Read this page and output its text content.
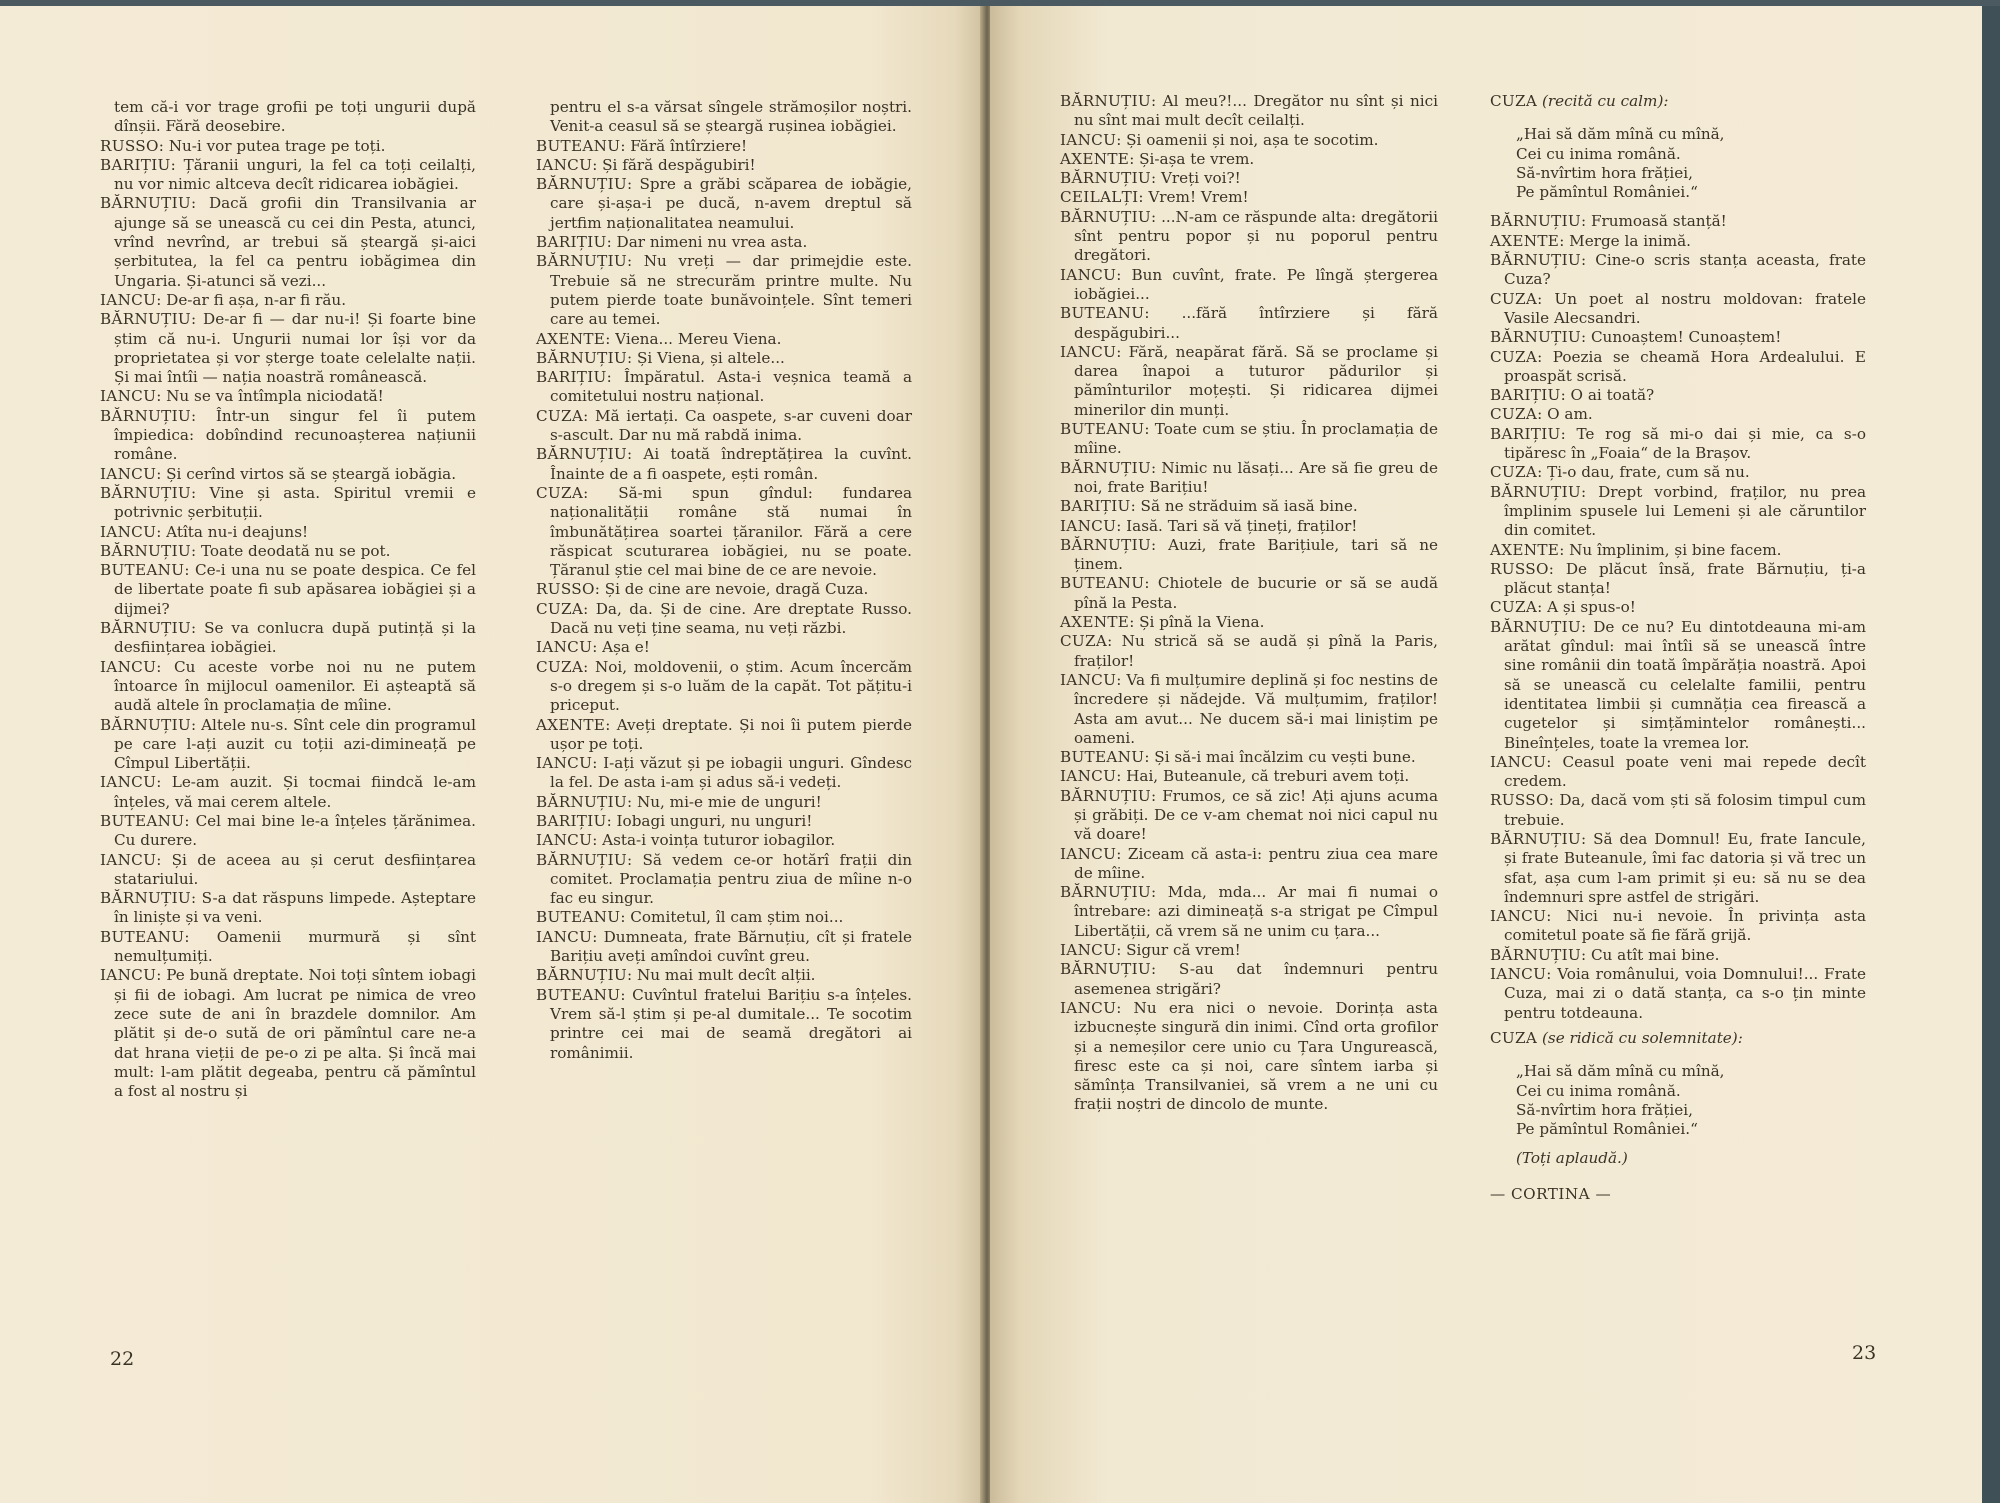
tem că-i vor trage grofii pe toți ungurii după dînșii. Fără deosebire.

RUSSO: Nu-i vor putea trage pe toți.

BARIȚIU: Țăranii unguri, la fel ca toți ceilalți, nu vor nimic altceva decît ridicarea iobăgiei.

BĂRNUȚIU: Dacă grofii din Transilvania ar ajunge să se unească cu cei din Pesta, atunci, vrînd nevrînd, ar trebui să șteargă și-aici șerbitutea, la fel ca pentru iobăgimea din Ungaria. Și-atunci să vezi...

IANCU: De-ar fi așa, n-ar fi rău.

BĂRNUȚIU: De-ar fi — dar nu-i! Și foarte bine știm că nu-i. Ungurii numai lor își vor da proprietatea și vor șterge toate celelalte nații. Și mai întîi — nația noastră românească.

IANCU: Nu se va întîmpla niciodată!

BĂRNUȚIU: Într-un singur fel îi putem împiedica: dobîndind recunoașterea națiunii române.

IANCU: Și cerînd virtos să se șteargă iobăgia.

BĂRNUȚIU: Vine și asta. Spiritul vremii e potrivnic șerbituții.

IANCU: Atîta nu-i deajuns!

BĂRNUȚIU: Toate deodată nu se pot.

BUTEANU: Ce-i una nu se poate despica. Ce fel de libertate poate fi sub apăsarea iobăgiei și a dijmei?

BĂRNUȚIU: Se va conlucra după putință și la desființarea iobăgiei.

IANCU: Cu aceste vorbe noi nu ne putem întoarce în mijlocul oamenilor. Ei așteaptă să audă altele în proclamația de mîine.

BĂRNUȚIU: Altele nu-s. Sînt cele din programul pe care l-ați auzit cu toții azi-dimineață pe Cîmpul Libertății.

IANCU: Le-am auzit. Și tocmai fiindcă le-am înțeles, vă mai cerem altele.

BUTEANU: Cel mai bine le-a înțeles țărănimea. Cu durere.

IANCU: Și de aceea au și cerut desființarea statariului.

BĂRNUȚIU: S-a dat răspuns limpede. Așteptare în liniște și va veni.

BUTEANU: Oamenii murmură și sînt nemulțumiți.

IANCU: Pe bună dreptate. Noi toți sîntem iobagi și fii de iobagi. Am lucrat pe nimica de vreo zece sute de ani în brazdele domnilor. Am plătit și de-o sută de ori pămîntul care ne-a dat hrana vieții de pe-o zi pe alta. Și încă mai mult: l-am plătit degeaba, pentru că pămîntul a fost al nostru și

pentru el s-a vărsat sîngele strămoșilor noștri. Venit-a ceasul să se șteargă rușinea iobăgiei.

BUTEANU: Fără întîrziere!

IANCU: Și fără despăgubiri!

BĂRNUȚIU: Spre a grăbi scăparea de iobăgie, care și-așa-i pe ducă, n-avem dreptul să jertfim naționalitatea neamului.

BARIȚIU: Dar nimeni nu vrea asta.

BĂRNUȚIU: Nu vreți — dar primejdie este. Trebuie să ne strecurăm printre multe. Nu putem pierde toate bunăvoințele. Sînt temeri care au temei.

AXENTE: Viena... Mereu Viena.

BĂRNUȚIU: Și Viena, și altele...

BARIȚIU: Împăratul. Asta-i veșnica teamă a comitetului nostru național.

CUZA: Mă iertați. Ca oaspete, s-ar cuveni doar s-ascult. Dar nu mă rabdă inima.

BĂRNUȚIU: Ai toată îndreptățirea la cuvînt. Înainte de a fi oaspete, ești român.

CUZA: Să-mi spun gîndul: fundarea naționalității române stă numai în îmbunătățirea soartei țăranilor. Fără a cere răspicat scuturarea iobăgiei, nu se poate. Țăranul știe cel mai bine de ce are nevoie.

RUSSO: Și de cine are nevoie, dragă Cuza.

CUZA: Da, da. Și de cine. Are dreptate Russo. Dacă nu veți ține seama, nu veți răzbi.

IANCU: Așa e!

CUZA: Noi, moldovenii, o știm. Acum încercăm s-o dregem și s-o luăm de la capăt. Tot pățitu-i priceput.

AXENTE: Aveți dreptate. Și noi îi putem pierde ușor pe toți.

IANCU: I-ați văzut și pe iobagii unguri. Gîndesc la fel. De asta i-am și adus să-i vedeți.

BĂRNUȚIU: Nu, mi-e mie de unguri!

BARIȚIU: Iobagi unguri, nu unguri!

IANCU: Asta-i voința tuturor iobagilor.

BĂRNUȚIU: Să vedem ce-or hotărî frații din comitet. Proclamația pentru ziua de mîine n-o fac eu singur.

BUTEANU: Comitetul, îl cam știm noi...

IANCU: Dumneata, frate Bărnuțiu, cît și fratele Barițiu aveți amîndoi cuvînt greu.

BĂRNUȚIU: Nu mai mult decît alții.

BUTEANU: Cuvîntul fratelui Barițiu s-a înțeles. Vrem să-l știm și pe-al dumitale... Te socotim printre cei mai de seamă dregători ai românimii.

22

BĂRNUȚIU: Al meu?!... Dregător nu sînt și nici nu sînt mai mult decît ceilalți.

IANCU: Și oamenii și noi, așa te socotim.

AXENTE: Și-așa te vrem.

BĂRNUȚIU: Vreți voi?!

CEILALȚI: Vrem! Vrem!

BĂRNUȚIU: ...N-am ce răspunde alta: dregătorii sînt pentru popor și nu poporul pentru dregători.

IANCU: Bun cuvînt, frate. Pe lîngă ștergerea iobăgiei...

BUTEANU: ...fără întîrziere și fără despăgubiri...

IANCU: Fără, neapărat fără. Să se proclame și darea înapoi a tuturor pădurilor și pămînturilor moțești. Și ridicarea dijmei minerilor din munți.

BUTEANU: Toate cum se știu. În proclamația de mîine.

BĂRNUȚIU: Nimic nu lăsați... Are să fie greu de noi, frate Barițiu!

BARIȚIU: Să ne străduim să iasă bine.

IANCU: Iasă. Tari să vă țineți, fraților!

BĂRNUȚIU: Auzi, frate Barițiule, tari să ne ținem.

BUTEANU: Chiotele de bucurie or să se audă pînă la Pesta.

AXENTE: Și pînă la Viena.

CUZA: Nu strică să se audă și pînă la Paris, fraților!

IANCU: Va fi mulțumire deplină și foc nestins de încredere și nădejde. Vă mulțumim, fraților! Asta am avut... Ne ducem să-i mai liniștim pe oameni.

BUTEANU: Și să-i mai încălzim cu vești bune.

IANCU: Hai, Buteanule, că treburi avem toți.

BĂRNUȚIU: Frumos, ce să zic! Ați ajuns acuma și grăbiți. De ce v-am chemat noi nici capul nu vă doare!

IANCU: Ziceam că asta-i: pentru ziua cea mare de mîine.

BĂRNUȚIU: Mda, mda... Ar mai fi numai o întrebare: azi dimineață s-a strigat pe Cîmpul Libertății, că vrem să ne unim cu țara...

IANCU: Sigur că vrem!

BĂRNUȚIU: S-au dat îndemnuri pentru asemenea strigări?

IANCU: Nu era nici o nevoie. Dorința asta izbucnește singură din inimi. Cînd orta grofilor și a nemeșilor cere unio cu Țara Ungurească, firesc este ca și noi, care sîntem iarba și sămînța Transilvaniei, să vrem a ne uni cu frații noștri de dincolo de munte.

CUZA (recită cu calm):

„Hai să dăm mînă cu mînă,
Cei cu inima română.
Să-nvîrtim hora frăției,
Pe pămîntul României.“

BĂRNUȚIU: Frumoasă stanță!

AXENTE: Merge la inimă.

BĂRNUȚIU: Cine-o scris stanța aceasta, frate Cuza?

CUZA: Un poet al nostru moldovan: fratele Vasile Alecsandri.

BĂRNUȚIU: Cunoaștem! Cunoaștem!

CUZA: Poezia se cheamă Hora Ardealului. E proaspăt scrisă.

BARIȚIU: O ai toată?

CUZA: O am.

BARIȚIU: Te rog să mi-o dai și mie, ca s-o tipăresc în „Foaia“ de la Brașov.

CUZA: Ți-o dau, frate, cum să nu.

BĂRNUȚIU: Drept vorbind, fraților, nu prea împlinim spusele lui Lemeni și ale căruntilor din comitet.

AXENTE: Nu împlinim, și bine facem.

RUSSO: De plăcut însă, frate Bărnuțiu, ți-a plăcut stanța!

CUZA: A și spus-o!

BĂRNUȚIU: De ce nu? Eu dintotdeauna mi-am arătat gîndul: mai întîi să se unească între sine românii din toată împărăția noastră. Apoi să se unească cu celelalte familii, pentru identitatea limbii și cumnăția cea firească a cugetelor și simțămintelor românești... Bineînțeles, toate la vremea lor.

IANCU: Ceasul poate veni mai repede decît credem.

RUSSO: Da, dacă vom ști să folosim timpul cum trebuie.

BĂRNUȚIU: Să dea Domnul! Eu, frate Iancule, și frate Buteanule, îmi fac datoria și vă trec un sfat, așa cum l-am primit și eu: să nu se dea îndemnuri spre astfel de strigări.

IANCU: Nici nu-i nevoie. În privința asta comitetul poate să fie fără grijă.

BĂRNUȚIU: Cu atît mai bine.

IANCU: Voia românului, voia Domnului!... Frate Cuza, mai zi o dată stanța, ca s-o țin minte pentru totdeauna.

CUZA (se ridică cu solemnitate):

„Hai să dăm mînă cu mînă,
Cei cu inima română.
Să-nvîrtim hora frăției,
Pe pămîntul României.“

(Toți aplaudă.)

— CORTINA —

23
